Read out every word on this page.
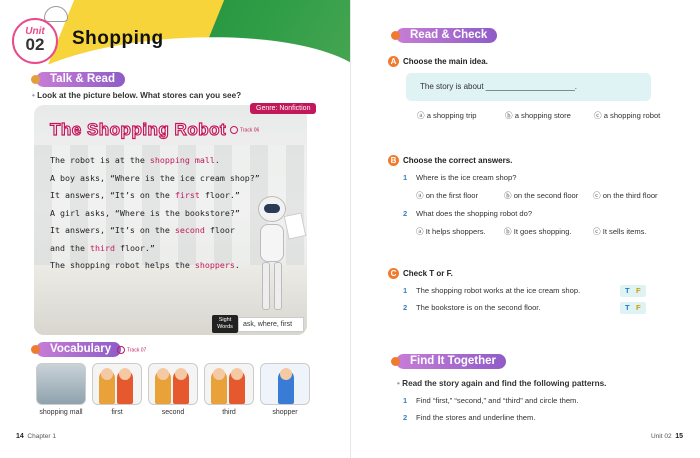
Unit
02	Shopping
Talk & Read
• Look at the picture below. What stores can you see?
Genre: Nonfiction
The Shopping Robot	Track 06
The robot is at the shopping mall.
A boy asks, “Where is the ice cream shop?”
It answers, “It’s on the first floor.”
A girl asks, “Where is the bookstore?”
It answers, “It’s on the second floor
and the third floor.”
The shopping robot helps the shoppers.
Sight Words	ask, where, first
Vocabulary	Track 07
shopping mall	first	second	third	shopper
14 Chapter 1
Read & Check
A Choose the main idea.
The story is about ____________________.
ⓐ a shopping trip	ⓑ a shopping store	ⓒ a shopping robot
B Choose the correct answers.
1 Where is the ice cream shop?
ⓐ on the first floor	ⓑ on the second floor ⓒ on the third floor
2 What does the shopping robot do?
ⓐ It helps shoppers. ⓑ It goes shopping.	ⓒ It sells items.
C Check T or F.
1 The shopping robot works at the ice cream shop.	T F
2 The bookstore is on the second floor.	T F
Find It Together
• Read the story again and find the following patterns.
1 Find “first,” “second,” and “third” and circle them.
2 Find the stores and underline them.
Unit 02 15
